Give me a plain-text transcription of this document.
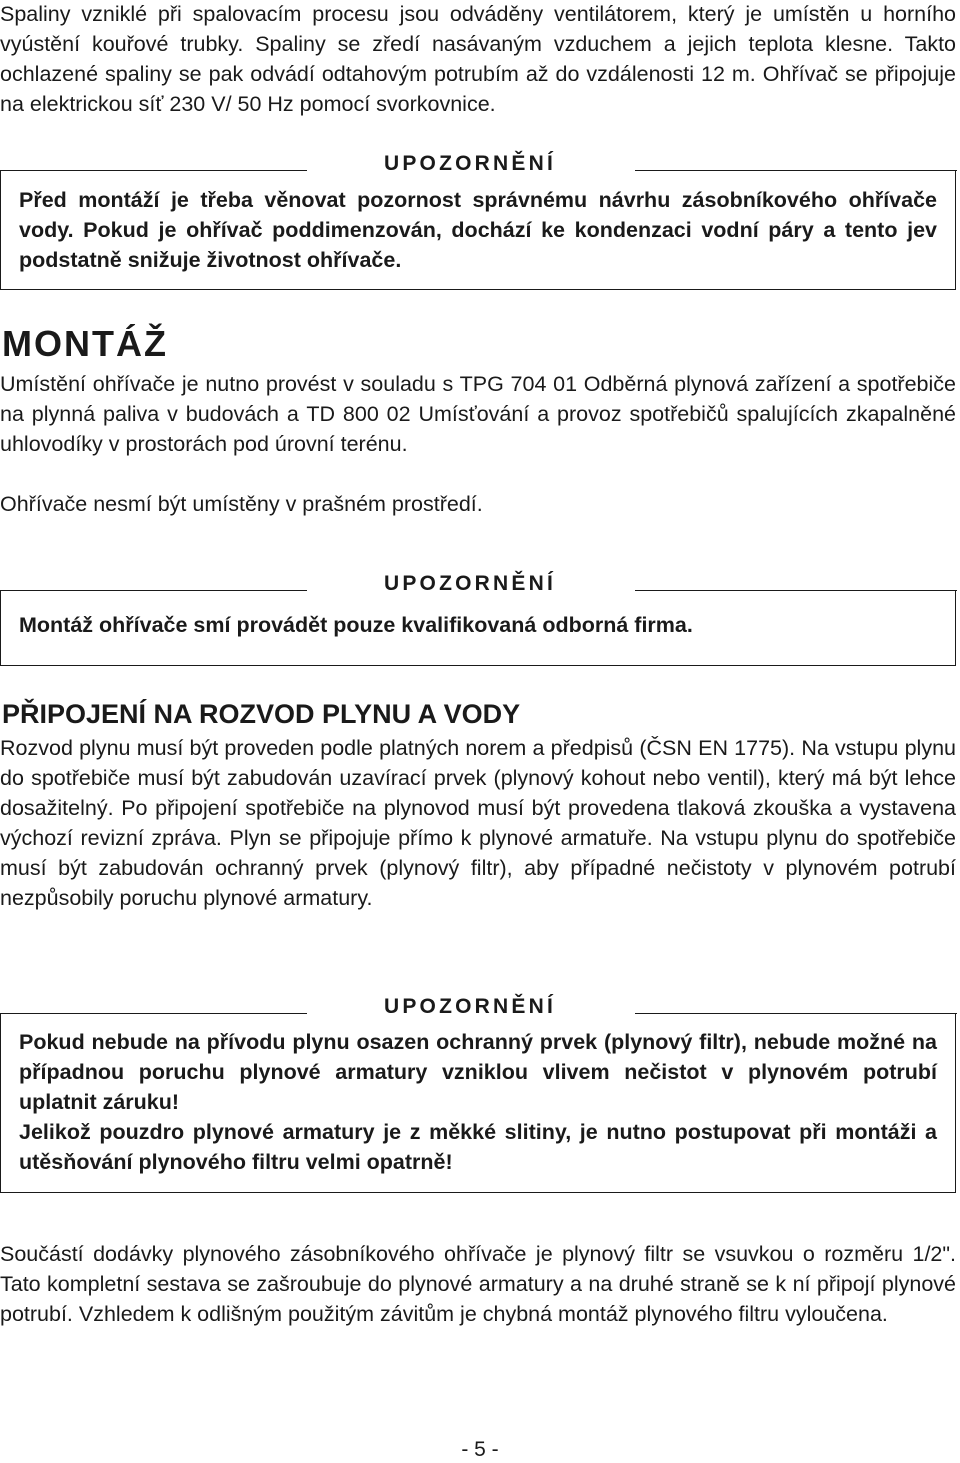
Spaliny vzniklé při spalovacím procesu jsou odváděny ventilátorem, který je umístěn u horního vyústění kouřové trubky. Spaliny se zředí nasávaným vzduchem a jejich teplota klesne. Takto ochlazené spaliny se pak odvádí odtahovým potrubím až do vzdálenosti 12 m. Ohřívač se připojuje na elektrickou síť 230 V/ 50 Hz pomocí svorkovnice.

UPOZORNĚNÍ

Před montáží je třeba věnovat pozornost správnému návrhu zásobníkového ohřívače vody. Pokud je ohřívač poddimenzován, dochází ke kondenzaci vodní páry a tento jev podstatně snižuje životnost ohřívače.

MONTÁŽ

Umístění ohřívače je nutno provést v souladu s TPG 704 01 Odběrná plynová zařízení a spotřebiče na plynná paliva v budovách a TD 800 02 Umísťování a provoz spotřebičů spalujících zkapalněné uhlovodíky v prostorách pod úrovní terénu.

Ohřívače nesmí být umístěny v prašném prostředí.

UPOZORNĚNÍ

Montáž ohřívače smí provádět pouze kvalifikovaná odborná firma.

PŘIPOJENÍ NA ROZVOD PLYNU A VODY

Rozvod plynu musí být proveden podle platných norem a předpisů (ČSN EN 1775). Na vstupu plynu do spotřebiče musí být zabudován uzavírací prvek (plynový kohout nebo ventil), který má být lehce dosažitelný. Po připojení spotřebiče na plynovod musí být provedena tlaková zkouška a vystavena výchozí revizní zpráva. Plyn se připojuje přímo k plynové armatuře. Na vstupu plynu do spotřebiče musí být zabudován ochranný prvek (plynový filtr), aby případné nečistoty v plynovém potrubí nezpůsobily poruchu plynové armatury.

UPOZORNĚNÍ

Pokud nebude na přívodu plynu osazen ochranný prvek (plynový filtr), nebude možné na případnou poruchu plynové armatury vzniklou vlivem nečistot v plynovém potrubí uplatnit záruku!

Jelikož pouzdro plynové armatury je z měkké slitiny, je nutno postupovat při montáži a utěsňování plynového filtru velmi opatrně!

Součástí dodávky plynového zásobníkového ohřívače je plynový filtr se vsuvkou o rozměru 1/2". Tato kompletní sestava se zašroubuje do plynové armatury a na druhé straně se k ní připojí plynové potrubí. Vzhledem k odlišným použitým závitům je chybná montáž plynového filtru vyloučena.

- 5 -
